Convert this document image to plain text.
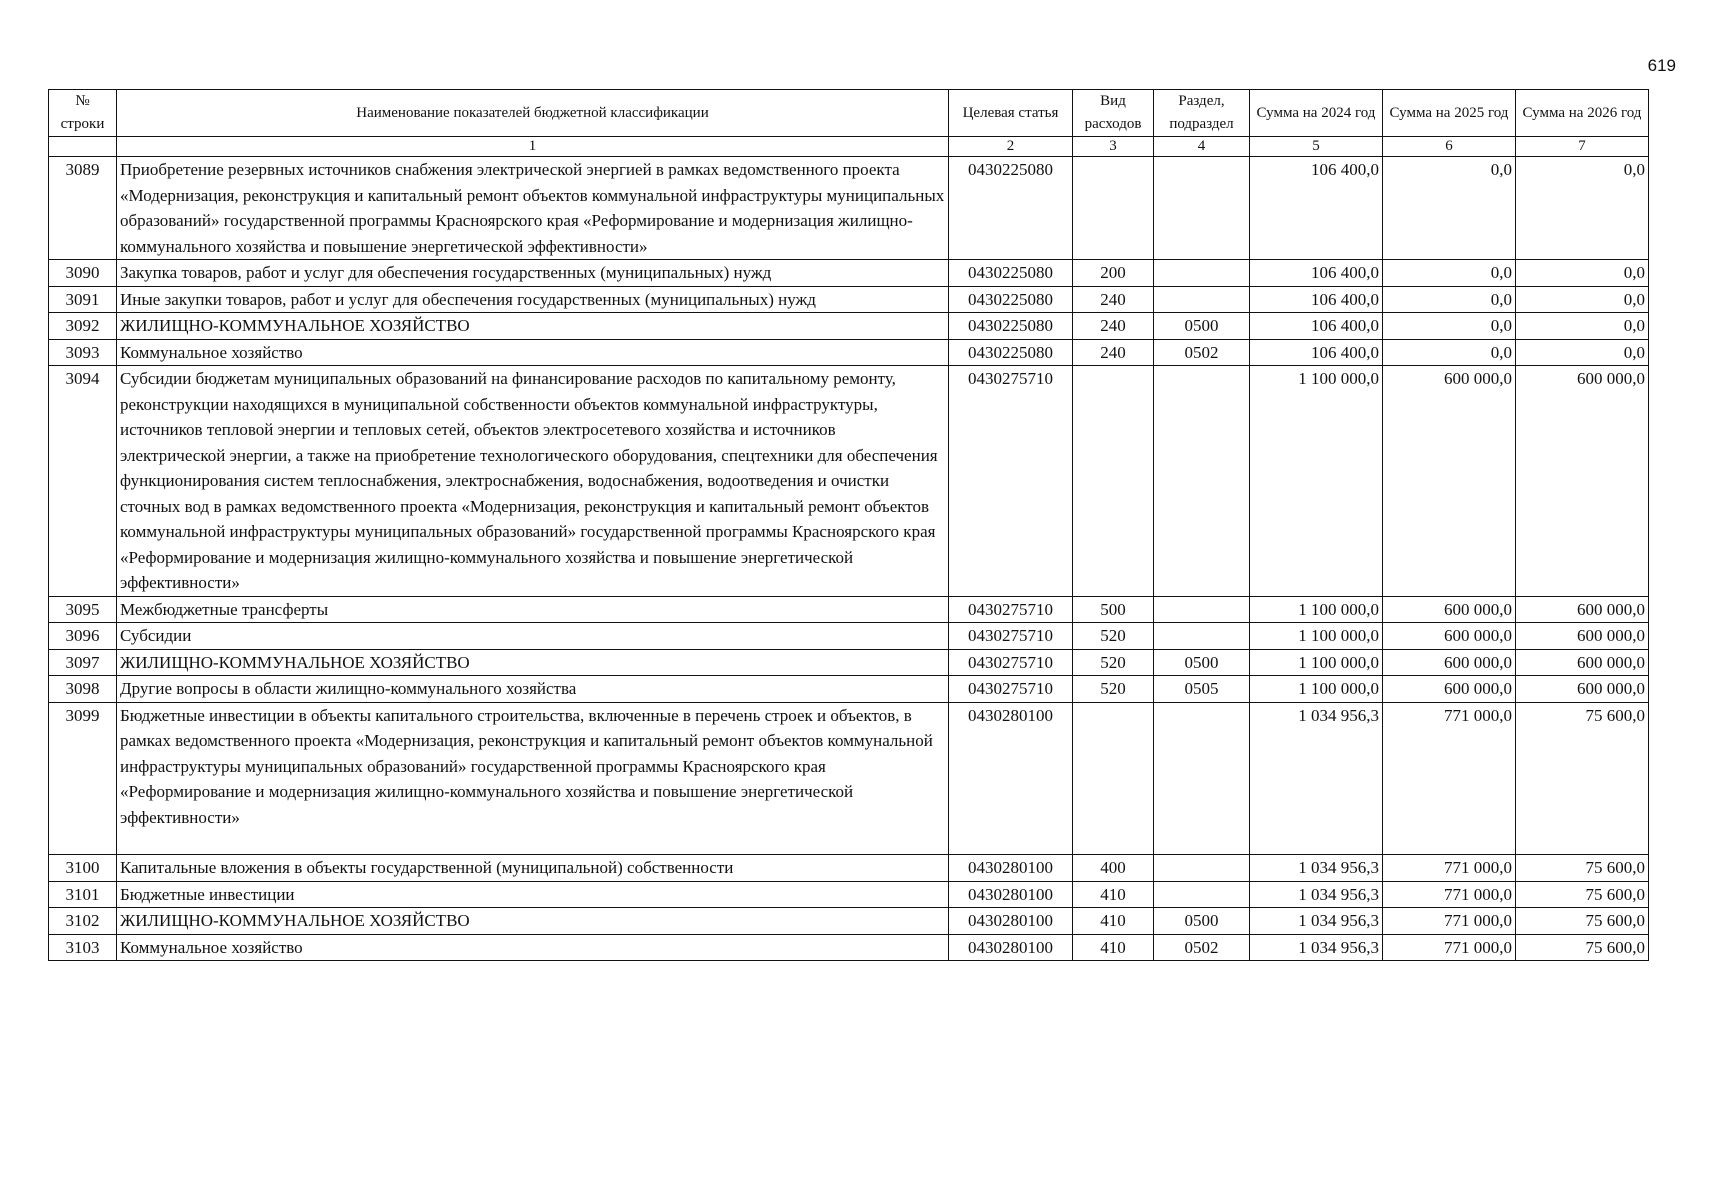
619
№ строки	Наименование показателей бюджетной классификации	Целевая статья	Вид расходов	Раздел, подраздел	Сумма на 2024 год	Сумма на 2025 год	Сумма на 2026 год
	1	2	3	4	5	6	7
3089	Приобретение резервных источников снабжения электрической энергией в рамках ведомственного проекта «Модернизация, реконструкция и капитальный ремонт объектов коммунальной инфраструктуры муниципальных образований» государственной программы Красноярского края «Реформирование и модернизация жилищно-коммунального хозяйства и повышение энергетической эффективности»	0430225080			106 400,0	0,0	0,0
3090	Закупка товаров, работ и услуг для обеспечения государственных (муниципальных) нужд	0430225080	200		106 400,0	0,0	0,0
3091	Иные закупки товаров, работ и услуг для обеспечения государственных (муниципальных) нужд	0430225080	240		106 400,0	0,0	0,0
3092	ЖИЛИЩНО-КОММУНАЛЬНОЕ ХОЗЯЙСТВО	0430225080	240	0500	106 400,0	0,0	0,0
3093	Коммунальное хозяйство	0430225080	240	0502	106 400,0	0,0	0,0
3094	Субсидии бюджетам муниципальных образований на финансирование расходов по капитальному ремонту, реконструкции находящихся в муниципальной собственности объектов коммунальной инфраструктуры, источников тепловой энергии и тепловых сетей, объектов электросетевого хозяйства и источников электрической энергии, а также на приобретение технологического оборудования, спецтехники для обеспечения функционирования систем теплоснабжения, электроснабжения, водоснабжения, водоотведения и очистки сточных вод в рамках ведомственного проекта «Модернизация, реконструкция и капитальный ремонт объектов коммунальной инфраструктуры муниципальных образований» государственной программы Красноярского края «Реформирование и модернизация жилищно-коммунального хозяйства и повышение энергетической эффективности»	0430275710			1 100 000,0	600 000,0	600 000,0
3095	Межбюджетные трансферты	0430275710	500		1 100 000,0	600 000,0	600 000,0
3096	Субсидии	0430275710	520		1 100 000,0	600 000,0	600 000,0
3097	ЖИЛИЩНО-КОММУНАЛЬНОЕ ХОЗЯЙСТВО	0430275710	520	0500	1 100 000,0	600 000,0	600 000,0
3098	Другие вопросы в области жилищно-коммунального хозяйства	0430275710	520	0505	1 100 000,0	600 000,0	600 000,0
3099	Бюджетные инвестиции в объекты капитального строительства, включенные в перечень строек и объектов, в рамках ведомственного проекта «Модернизация, реконструкция и капитальный ремонт объектов коммунальной инфраструктуры муниципальных образований» государственной программы Красноярского края «Реформирование и модернизация жилищно-коммунального хозяйства и повышение энергетической эффективности»	0430280100			1 034 956,3	771 000,0	75 600,0
3100	Капитальные вложения в объекты государственной (муниципальной) собственности	0430280100	400		1 034 956,3	771 000,0	75 600,0
3101	Бюджетные инвестиции	0430280100	410		1 034 956,3	771 000,0	75 600,0
3102	ЖИЛИЩНО-КОММУНАЛЬНОЕ ХОЗЯЙСТВО	0430280100	410	0500	1 034 956,3	771 000,0	75 600,0
3103	Коммунальное хозяйство	0430280100	410	0502	1 034 956,3	771 000,0	75 600,0
